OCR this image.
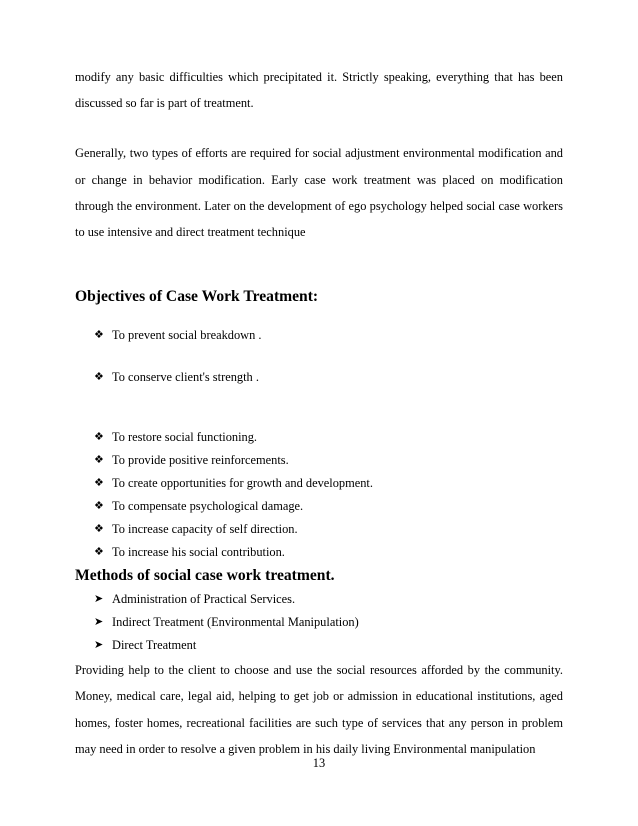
modify any basic difficulties which precipitated it. Strictly speaking, everything that has been discussed so far is part of treatment.

Generally, two types of efforts are required for social adjustment environmental modification and or change in behavior modification. Early case work treatment was placed on modification through the environment. Later on the development of ego psychology helped social case workers to use intensive and direct treatment technique

Objectives of Case Work Treatment:
❖ To prevent social breakdown .
❖ To conserve client's strength .
❖ To restore social functioning.
❖ To provide positive reinforcements.
❖ To create opportunities for growth and development.
❖ To compensate psychological damage.
❖ To increase capacity of self direction.
❖ To increase his social contribution.
Methods of social case work treatment.
➤ Administration of Practical Services.
➤ Indirect Treatment (Environmental Manipulation)
➤ Direct Treatment

Providing help to the client to choose and use the social resources afforded by the community. Money, medical care, legal aid, helping to get job or admission in educational institutions, aged homes, foster homes, recreational facilities are such type of services that any person in problem may need in order to resolve a given problem in his daily living Environmental manipulation

13
